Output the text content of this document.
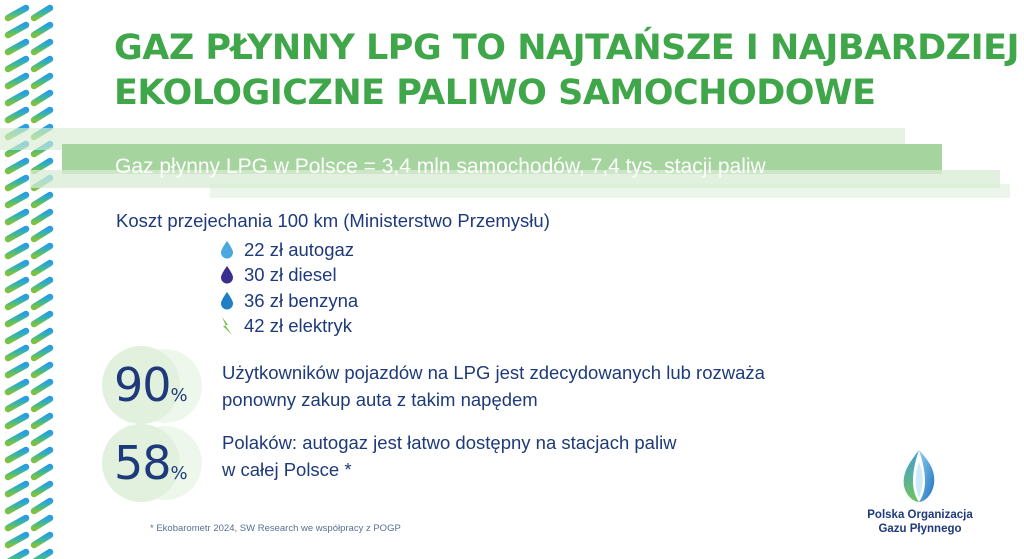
GAZ PŁYNNY LPG TO NAJTAŃSZE I NAJBARDZIEJ
EKOLOGICZNE PALIWO SAMOCHODOWE

Gaz płynny LPG w Polsce = 3,4 mln samochodów, 7,4 tys. stacji paliw

Koszt przejechania 100 km (Ministerstwo Przemysłu)

22 zł autogaz
30 zł diesel
36 zł benzyna
42 zł elektryk
90%

Użytkowników pojazdów na LPG jest zdecydowanych lub rozważa
ponowny zakup auta z takim napędem

58%

Polaków: autogaz jest łatwo dostępny na stacjach paliw
w całej Polsce *

* Ekobarometr 2024, SW Research we współpracy z POGP

Polska Organizacja
Gazu Płynnego
